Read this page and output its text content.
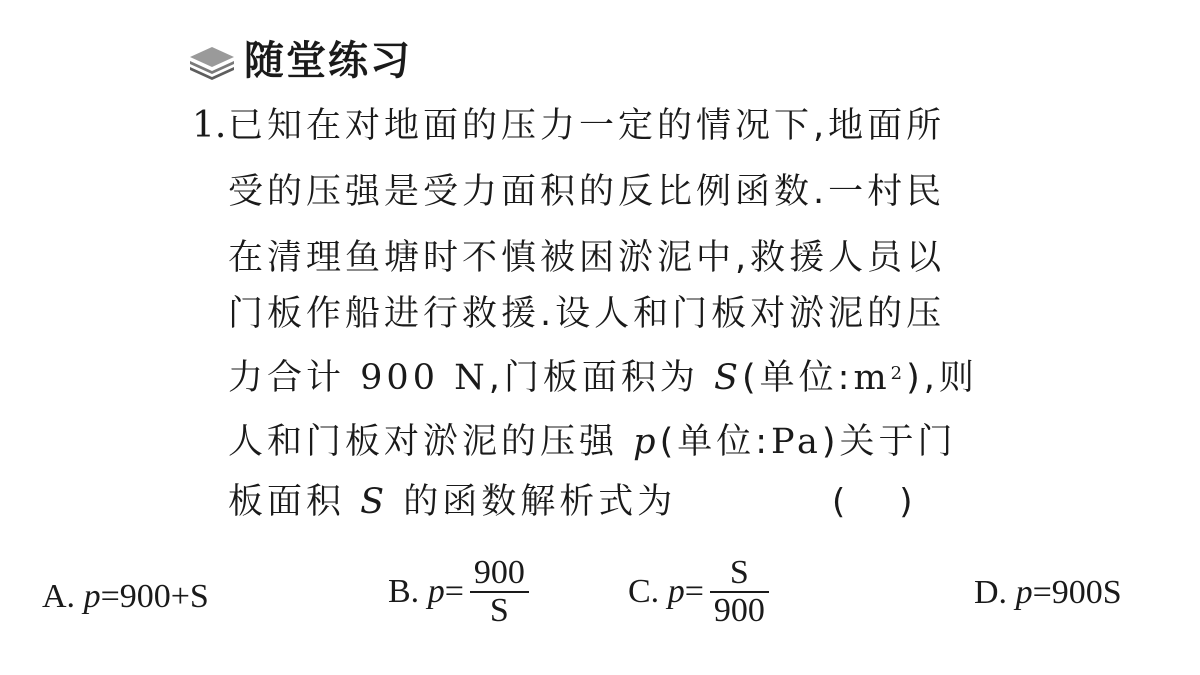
随堂练习
1. 已知在对地面的压力一定的情况下,地面所
受的压强是受力面积的反比例函数.一村民
在清理鱼塘时不慎被困淤泥中,救援人员以
门板作船进行救援.设人和门板对淤泥的压
力合计 900 N,门板面积为 S(单位$:m^2$),则
人和门板对淤泥的压强 p(单位:Pa)关于门
板面积 S 的函数解析式为	(     )
A.
p =900+S	B.
$p = \frac{900}{S}$	C.
$p = \frac{S}{900}$	D.
p =900S
